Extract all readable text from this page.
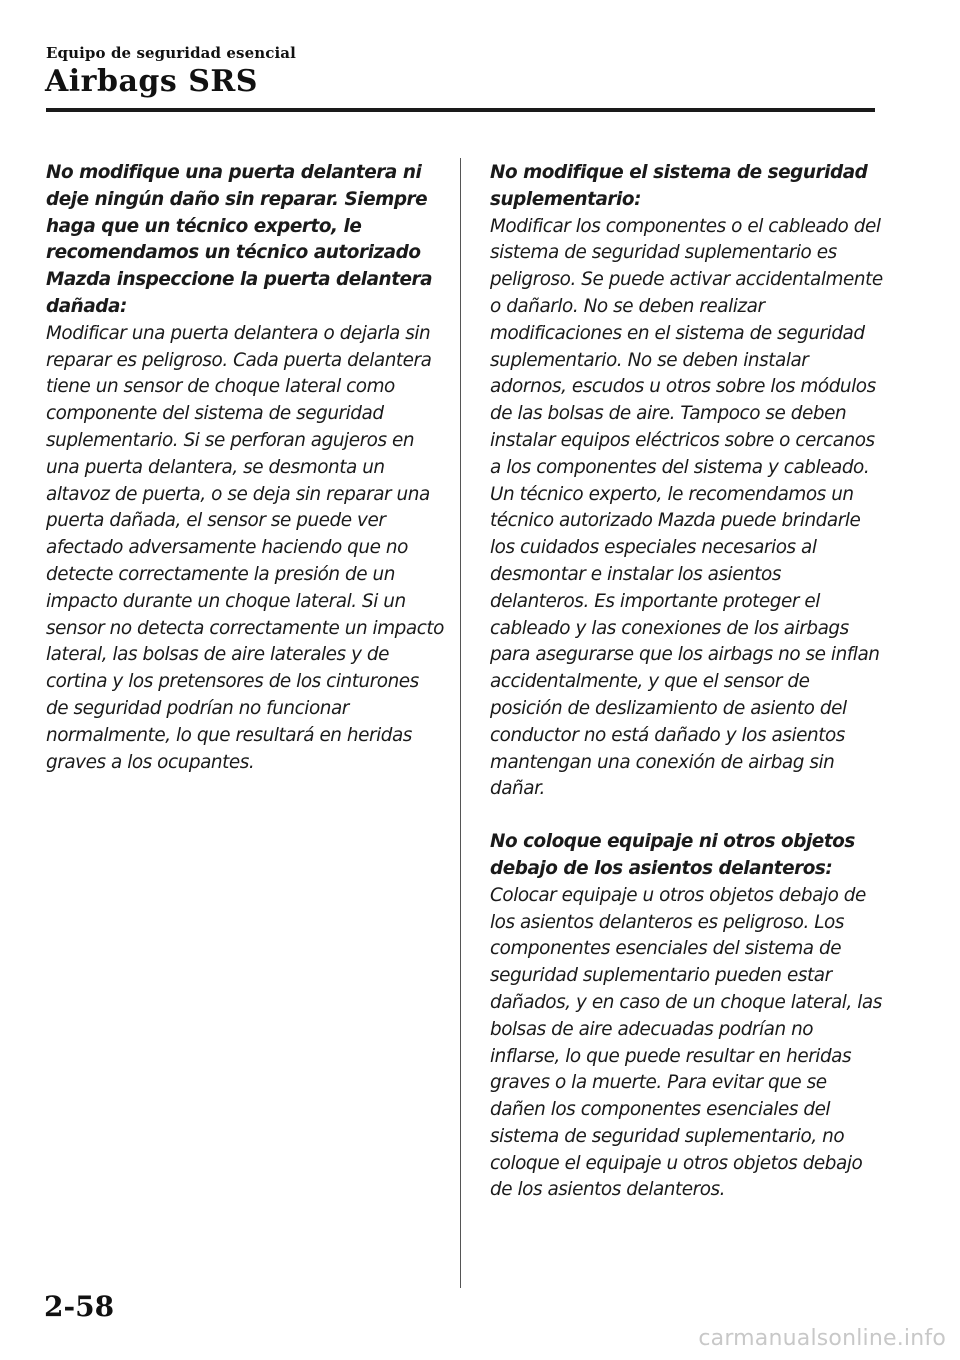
Equipo de seguridad esencial
Airbags SRS

No modifique una puerta delantera ni deje ningún daño sin reparar. Siempre haga que un técnico experto, le recomendamos un técnico autorizado Mazda inspeccione la puerta delantera dañada:

Modificar una puerta delantera o dejarla sin reparar es peligroso. Cada puerta delantera tiene un sensor de choque lateral como componente del sistema de seguridad suplementario. Si se perforan agujeros en una puerta delantera, se desmonta un altavoz de puerta, o se deja sin reparar una puerta dañada, el sensor se puede ver afectado adversamente haciendo que no detecte correctamente la presión de un impacto durante un choque lateral. Si un sensor no detecta correctamente un impacto lateral, las bolsas de aire laterales y de cortina y los pretensores de los cinturones de seguridad podrían no funcionar normalmente, lo que resultará en heridas graves a los ocupantes.

No modifique el sistema de seguridad suplementario:

Modificar los componentes o el cableado del sistema de seguridad suplementario es peligroso. Se puede activar accidentalmente o dañarlo. No se deben realizar modificaciones en el sistema de seguridad suplementario. No se deben instalar adornos, escudos u otros sobre los módulos de las bolsas de aire. Tampoco se deben instalar equipos eléctricos sobre o cercanos a los componentes del sistema y cableado. Un técnico experto, le recomendamos un técnico autorizado Mazda puede brindarle los cuidados especiales necesarios al desmontar e instalar los asientos delanteros. Es importante proteger el cableado y las conexiones de los airbags para asegurarse que los airbags no se inflan accidentalmente, y que el sensor de posición de deslizamiento de asiento del conductor no está dañado y los asientos mantengan una conexión de airbag sin dañar.

No coloque equipaje ni otros objetos debajo de los asientos delanteros:

Colocar equipaje u otros objetos debajo de los asientos delanteros es peligroso. Los componentes esenciales del sistema de seguridad suplementario pueden estar dañados, y en caso de un choque lateral, las bolsas de aire adecuadas podrían no inflarse, lo que puede resultar en heridas graves o la muerte. Para evitar que se dañen los componentes esenciales del sistema de seguridad suplementario, no coloque el equipaje u otros objetos debajo de los asientos delanteros.

2-58
carmanualsonline.info
